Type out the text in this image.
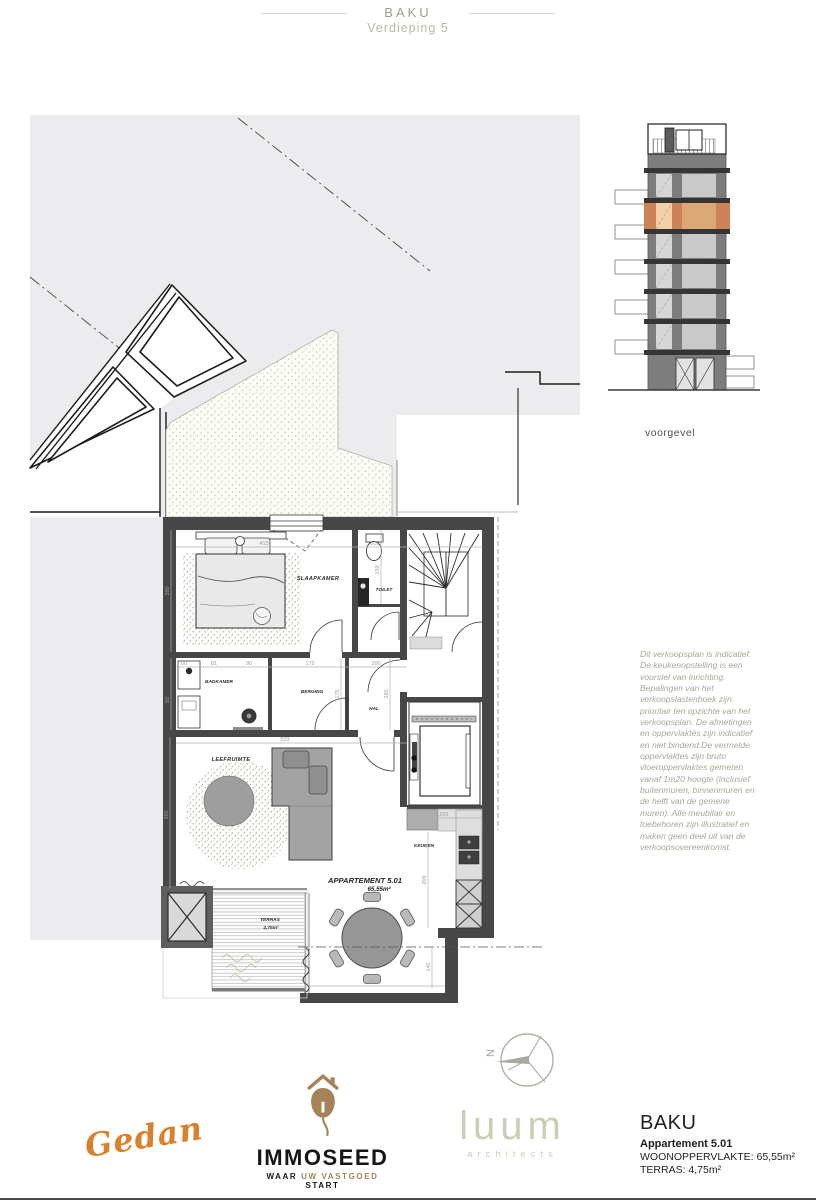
BAKU
Verdieping 5
413	109
380
159
60	81	90	172	100
260
175
533
92
360	201
209
310
140
SLAAPKAMER
TOILET
BADKAMER
BERGING
HAL
LEEFRUIMTE
KEUKEN
TERRAS
4,75m²
APPARTEMENT 5.01
65,55m²
voorgevel
N
Dit verkoopsplan is indicatief. De keukenopstelling is een voorstel van inrichting. Bepalingen van het verkoopslastenboek zijn prioritair ten opzichte van het verkoopsplan. De afmetingen en oppervlaktes zijn indicatief en niet bindend.De vermelde oppervlaktes zijn bruto vloeroppervlaktes gemeten vanaf 1m20 hoogte (inclusief buitenmuren, binnenmuren en de helft van de gemene muren). Alle meubilair en toebehoren zijn illustratief en maken geen deel uit van de verkoopsovereenkomst.
Gedan IMMOSEED
WAAR UW VASTGOED START
luum
architects
BAKU
Appartement 5.01
WOONOPPERVLAKTE: 65,55m²
TERRAS: 4,75m²
